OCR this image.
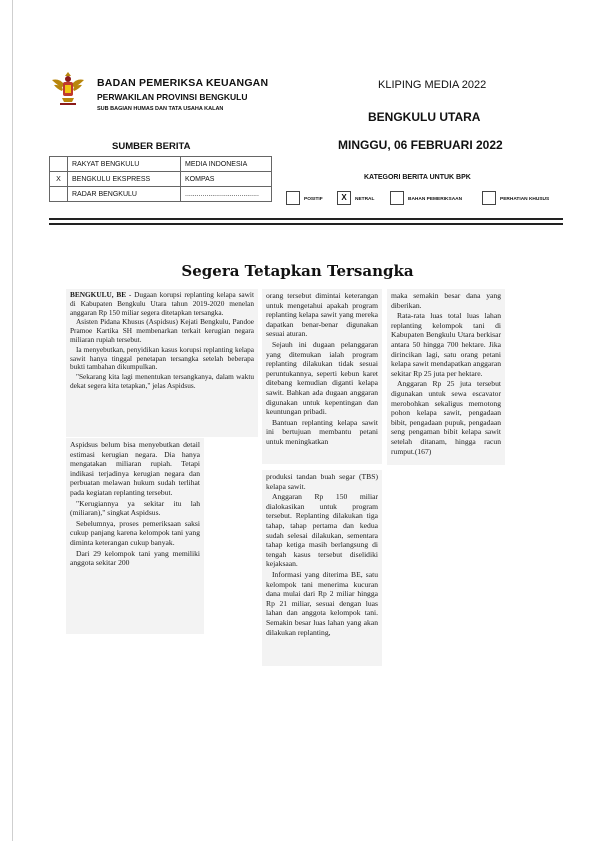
BADAN PEMERIKSA KEUANGAN
PERWAKILAN PROVINSI BENGKULU
SUB BAGIAN HUMAS DAN TATA USAHA KALAN
KLIPING MEDIA 2022
BENGKULU UTARA
MINGGU, 06 FEBRUARI 2022
SUMBER BERITA
	RAKYAT BENGKULU	MEDIA INDONESIA
X	BENGKULU EKSPRESS	KOMPAS
	RADAR BENGKULU	......................................
KATEGORI BERITA UNTUK BPK
POSITIF	X	NETRAL	BAHAN PEMERIKSAAN	PERHATIAN KHUSUS
Segera Tetapkan Tersangka

BENGKULU, BE - Dugaan korupsi replanting kelapa sawit di Kabupaten Bengkulu Utara tahun 2019-2020 menelan anggaran Rp 150 miliar segera ditetapkan tersangka.

Asisten Pidana Khusus (Aspidsus) Kejati Bengkulu, Pandoe Pramoe Kartika SH membenarkan terkait kerugian negara miliaran rupiah tersebut.

Ia menyebutkan, penyidikan kasus korupsi replanting kelapa sawit hanya tinggal penetapan tersangka setelah beberapa bukti tambahan dikumpulkan.

"Sekarang kita lagi menentukan tersangkanya, dalam waktu dekat segera kita tetapkan," jelas Aspidsus.

Aspidsus belum bisa menyebutkan detail estimasi kerugian negara. Dia hanya mengatakan miliaran rupiah. Tetapi indikasi terjadinya kerugian negara dan perbuatan melawan hukum sudah terlihat pada kegiatan replanting tersebut.

"Kerugiannya ya sekitar itu lah (miliaran)," singkat Aspidsus.

Sebelumnya, proses pemeriksaan saksi cukup panjang karena kelompok tani yang diminta keterangan cukup banyak.

Dari 29 kelompok tani yang memiliki anggota sekitar 200

orang tersebut dimintai keterangan untuk mengetahui apakah program replanting kelapa sawit yang mereka dapatkan benar-benar digunakan sesuai aturan.

Sejauh ini dugaan pelanggaran yang ditemukan ialah program replanting dilakukan tidak sesuai peruntukannya, seperti kebun karet ditebang kemudian diganti kelapa sawit. Bahkan ada dugaan anggaran digunakan untuk kepentingan dan keuntungan pribadi.

Bantuan replanting kelapa sawit ini bertujuan membantu petani untuk meningkatkan

produksi tandan buah segar (TBS) kelapa sawit.

Anggaran Rp 150 miliar dialokasikan untuk program tersebut. Replanting dilakukan tiga tahap, tahap pertama dan kedua sudah selesai dilakukan, sementara tahap ketiga masih berlangsung di tengah kasus tersebut diselidiki kejaksaan.

Informasi yang diterima BE, satu kelompok tani menerima kucuran dana mulai dari Rp 2 miliar hingga Rp 21 miliar, sesuai dengan luas lahan dan anggota kelompok tani. Semakin besar luas lahan yang akan dilakukan replanting,

maka semakin besar dana yang diberikan.

Rata-rata luas total luas lahan replanting kelompok tani di Kabupaten Bengkulu Utara berkisar antara 50 hingga 700 hektare. Jika dirincikan lagi, satu orang petani kelapa sawit mendapatkan anggaran sekitar Rp 25 juta per hektare.

Anggaran Rp 25 juta tersebut digunakan untuk sewa escavator merobohkan sekaligus memotong pohon kelapa sawit, pengadaan bibit, pengadaan pupuk, pengadaan seng pengaman bibit kelapa sawit setelah ditanam, hingga racun rumput.(167)
